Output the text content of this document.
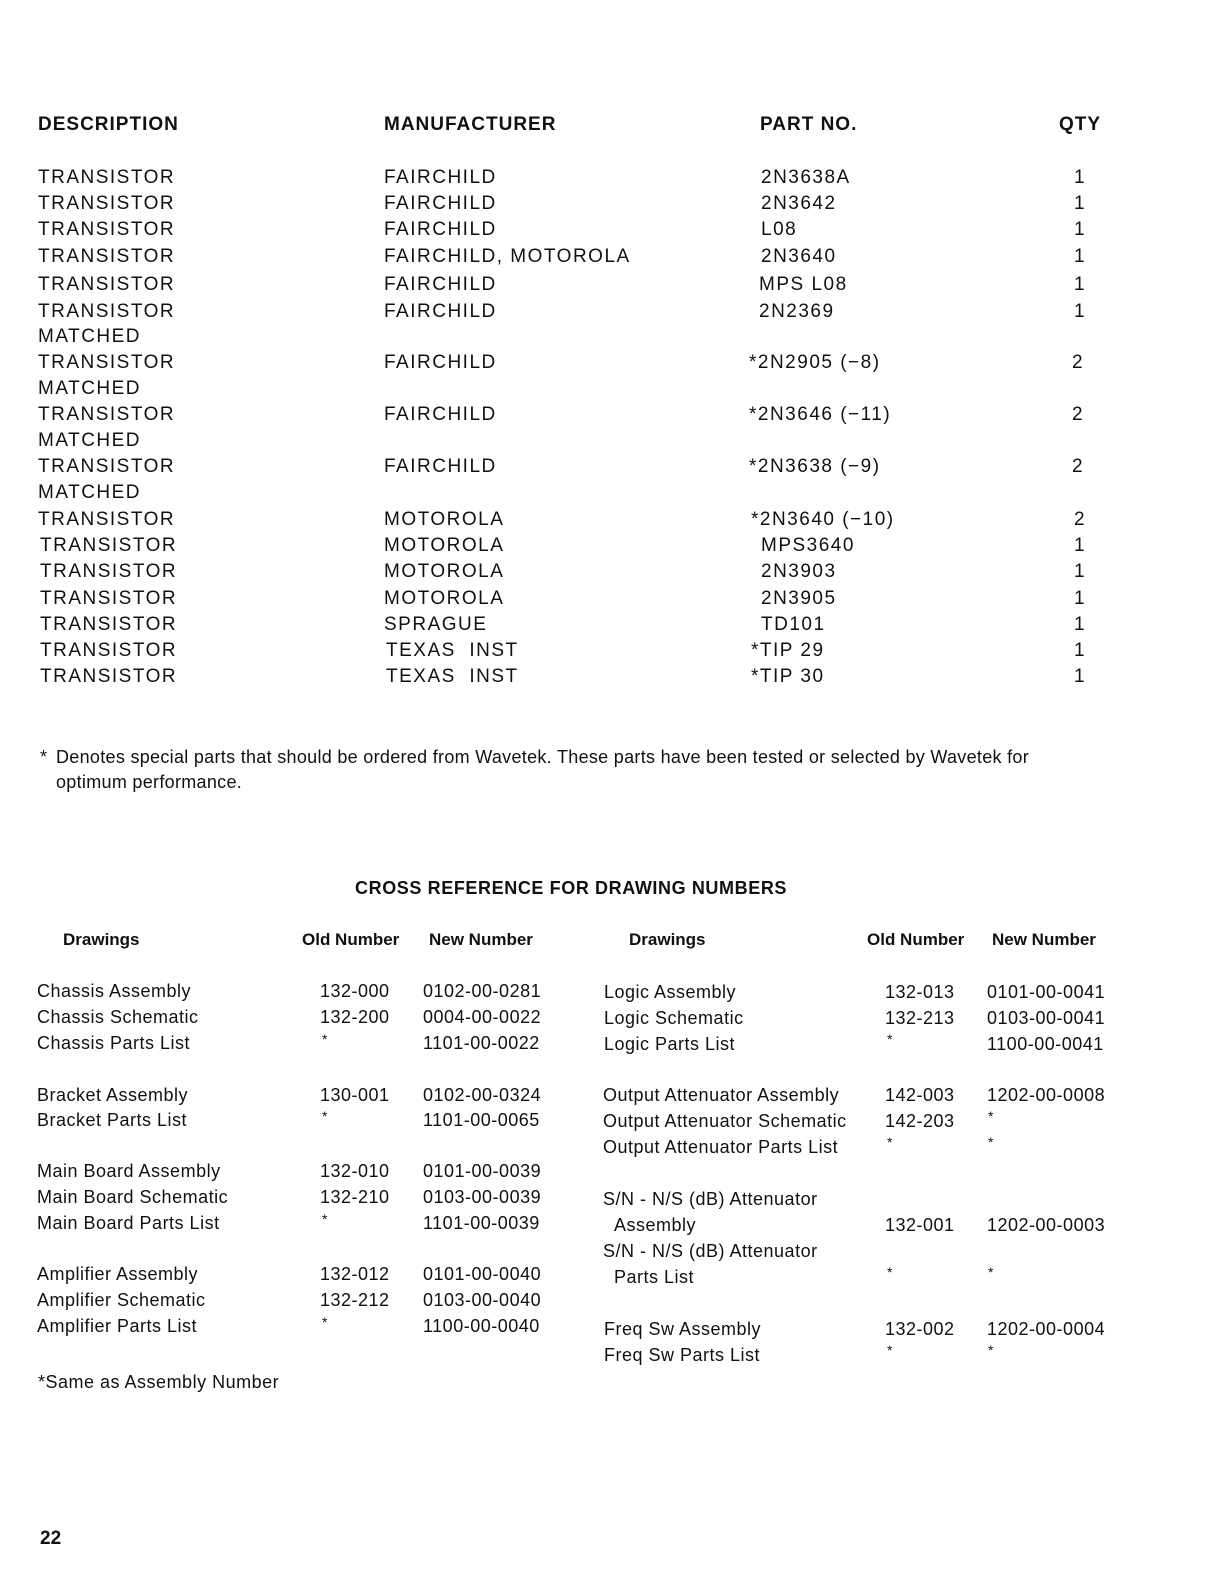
DESCRIPTION	MANUFACTURER	PART NO.	QTY
TRANSISTOR	FAIRCHILD	2N3638A	1
TRANSISTOR	FAIRCHILD	2N3642	1
TRANSISTOR	FAIRCHILD	L08	1
TRANSISTOR	FAIRCHILD, MOTOROLA	2N3640	1
TRANSISTOR	FAIRCHILD	MPS L08	1
TRANSISTOR	FAIRCHILD	2N2369	1
MATCHED
TRANSISTOR	FAIRCHILD	*2N2905 (−8)	2
MATCHED
TRANSISTOR	FAIRCHILD	*2N3646 (−11)	2
MATCHED
TRANSISTOR	FAIRCHILD	*2N3638 (−9)	2
MATCHED
TRANSISTOR	MOTOROLA	*2N3640 (−10)	2
TRANSISTOR	MOTOROLA	MPS3640	1
TRANSISTOR	MOTOROLA	2N3903	1
TRANSISTOR	MOTOROLA	2N3905	1
TRANSISTOR	SPRAGUE	TD101	1
TRANSISTOR	TEXAS  INST	*TIP 29	1
TRANSISTOR	TEXAS  INST	*TIP 30	1
* Denotes special parts that should be ordered from Wavetek. These parts have been tested or selected by Wavetek for
optimum performance.
CROSS REFERENCE FOR DRAWING NUMBERS
Drawings	Old Number New Number	Drawings	Old Number New Number
Chassis Assembly	132-000 0102-00-0281
Chassis Schematic	132-200 0004-00-0022
Chassis Parts List	*	1101-00-0022
Bracket Assembly	130-001 0102-00-0324
Bracket Parts List	*	1101-00-0065
Main Board Assembly	132-010 0101-00-0039
Main Board Schematic	132-210 0103-00-0039
Main Board Parts List	*	1101-00-0039
Amplifier Assembly	132-012 0101-00-0040
Amplifier Schematic	132-212 0103-00-0040
Amplifier Parts List	*	1100-00-0040
Logic Assembly	132-013 0101-00-0041
Logic Schematic	132-213 0103-00-0041
Logic Parts List	*	1100-00-0041
Output Attenuator Assembly	142-003 1202-00-0008
Output Attenuator Schematic 142-203 *
Output Attenuator Parts List	*	*
S/N - N/S (dB) Attenuator
Assembly	132-001 1202-00-0003
S/N - N/S (dB) Attenuator
Parts List	*	*
Freq Sw Assembly	132-002 1202-00-0004
Freq Sw Parts List	*	*
*Same as Assembly Number
22
